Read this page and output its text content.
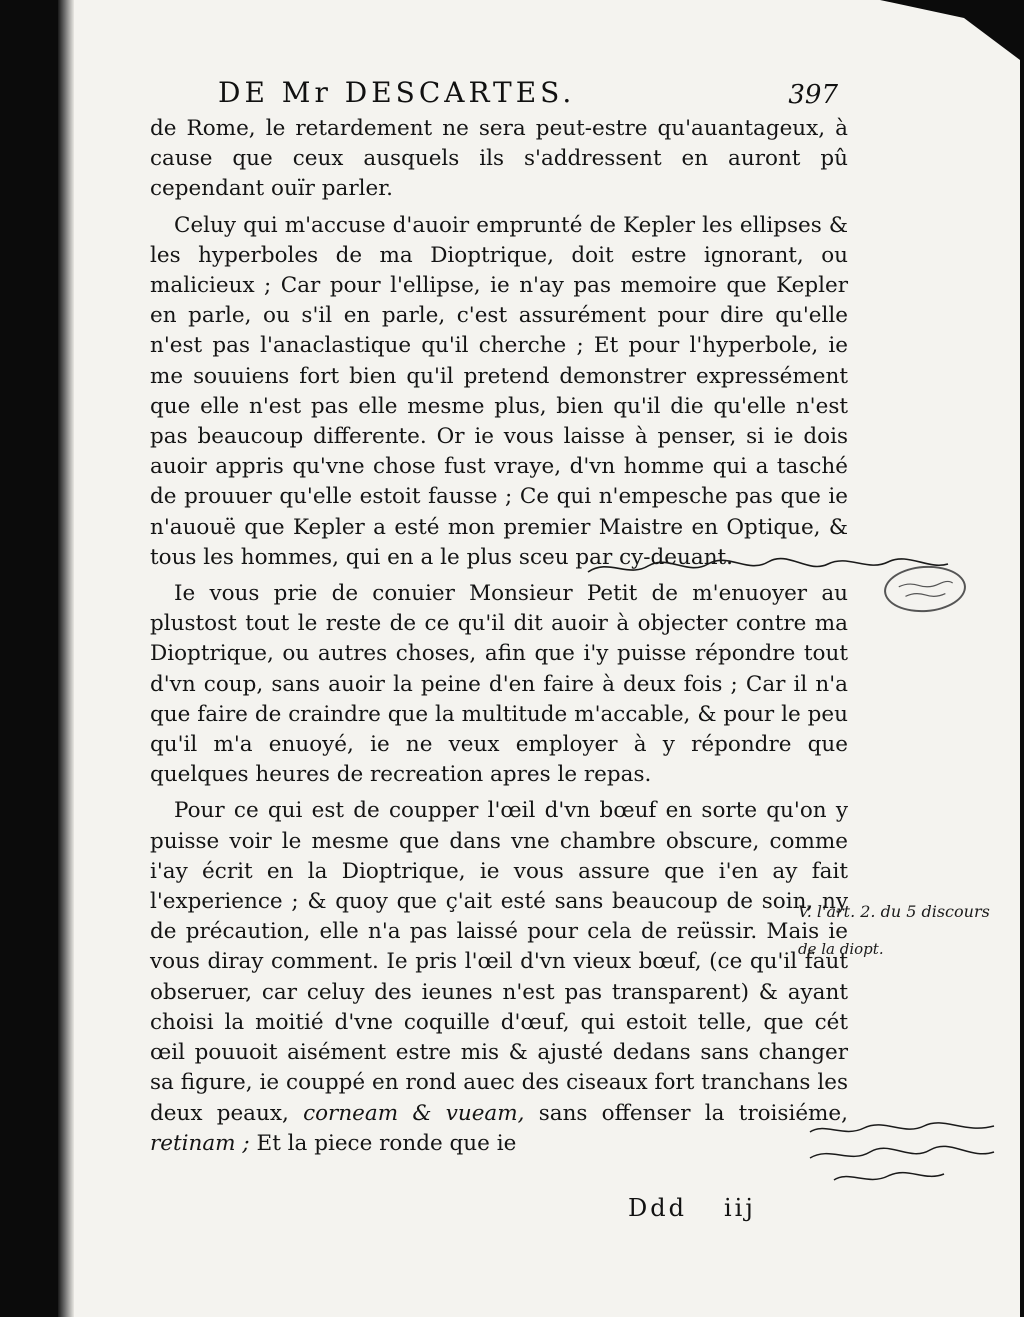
DE Mr DESCARTES.	397

de Rome, le retardement ne sera peut-estre qu'auantageux, à cause que ceux ausquels ils s'addressent en auront pû cependant ouïr parler.

Celuy qui m'accuse d'auoir emprunté de Kepler les ellipses & les hyperboles de ma Dioptrique, doit estre ignorant, ou malicieux ; Car pour l'ellipse, ie n'ay pas memoire que Kepler en parle, ou s'il en parle, c'est assurément pour dire qu'elle n'est pas l'anaclastique qu'il cherche ; Et pour l'hyperbole, ie me souuiens fort bien qu'il pretend demonstrer expressément que elle n'est pas elle mesme plus, bien qu'il die qu'elle n'est pas beaucoup differente. Or ie vous laisse à penser, si ie dois auoir appris qu'vne chose fust vraye, d'vn homme qui a tasché de prouuer qu'elle estoit fausse ; Ce qui n'empesche pas que ie n'auouë que Kepler a esté mon premier Maistre en Optique, & tous les hommes, qui en a le plus sceu par cy-deuant.

Ie vous prie de conuier Monsieur Petit de m'enuoyer au plustost tout le reste de ce qu'il dit auoir à objecter contre ma Dioptrique, ou autres choses, afin que i'y puisse répondre tout d'vn coup, sans auoir la peine d'en faire à deux fois ; Car il n'a que faire de craindre que la multitude m'accable, & pour le peu qu'il m'a enuoyé, ie ne veux employer à y répondre que quelques heures de recreation apres le repas.

Pour ce qui est de coupper l'œil d'vn bœuf en sorte qu'on y puisse voir le mesme que dans vne chambre obscure, comme i'ay écrit en la Dioptrique, ie vous assure que i'en ay fait l'experience ; & quoy que ç'ait esté sans beaucoup de soin, ny de précaution, elle n'a pas laissé pour cela de reüssir. Mais ie vous diray comment. Ie pris l'œil d'vn vieux bœuf, (ce qu'il faut obseruer, car celuy des ieunes n'est pas transparent) & ayant choisi la moitié d'vne coquille d'œuf, qui estoit telle, que cét œil pouuoit aisément estre mis & ajusté dedans sans changer sa figure, ie couppé en rond auec des ciseaux fort tranchans les deux peaux, corneam & vueam, sans offenser la troisiéme, retinam ; Et la piece ronde que ie

V. l'art. 2. du 5 discours
de la diopt.
Ddd iij
